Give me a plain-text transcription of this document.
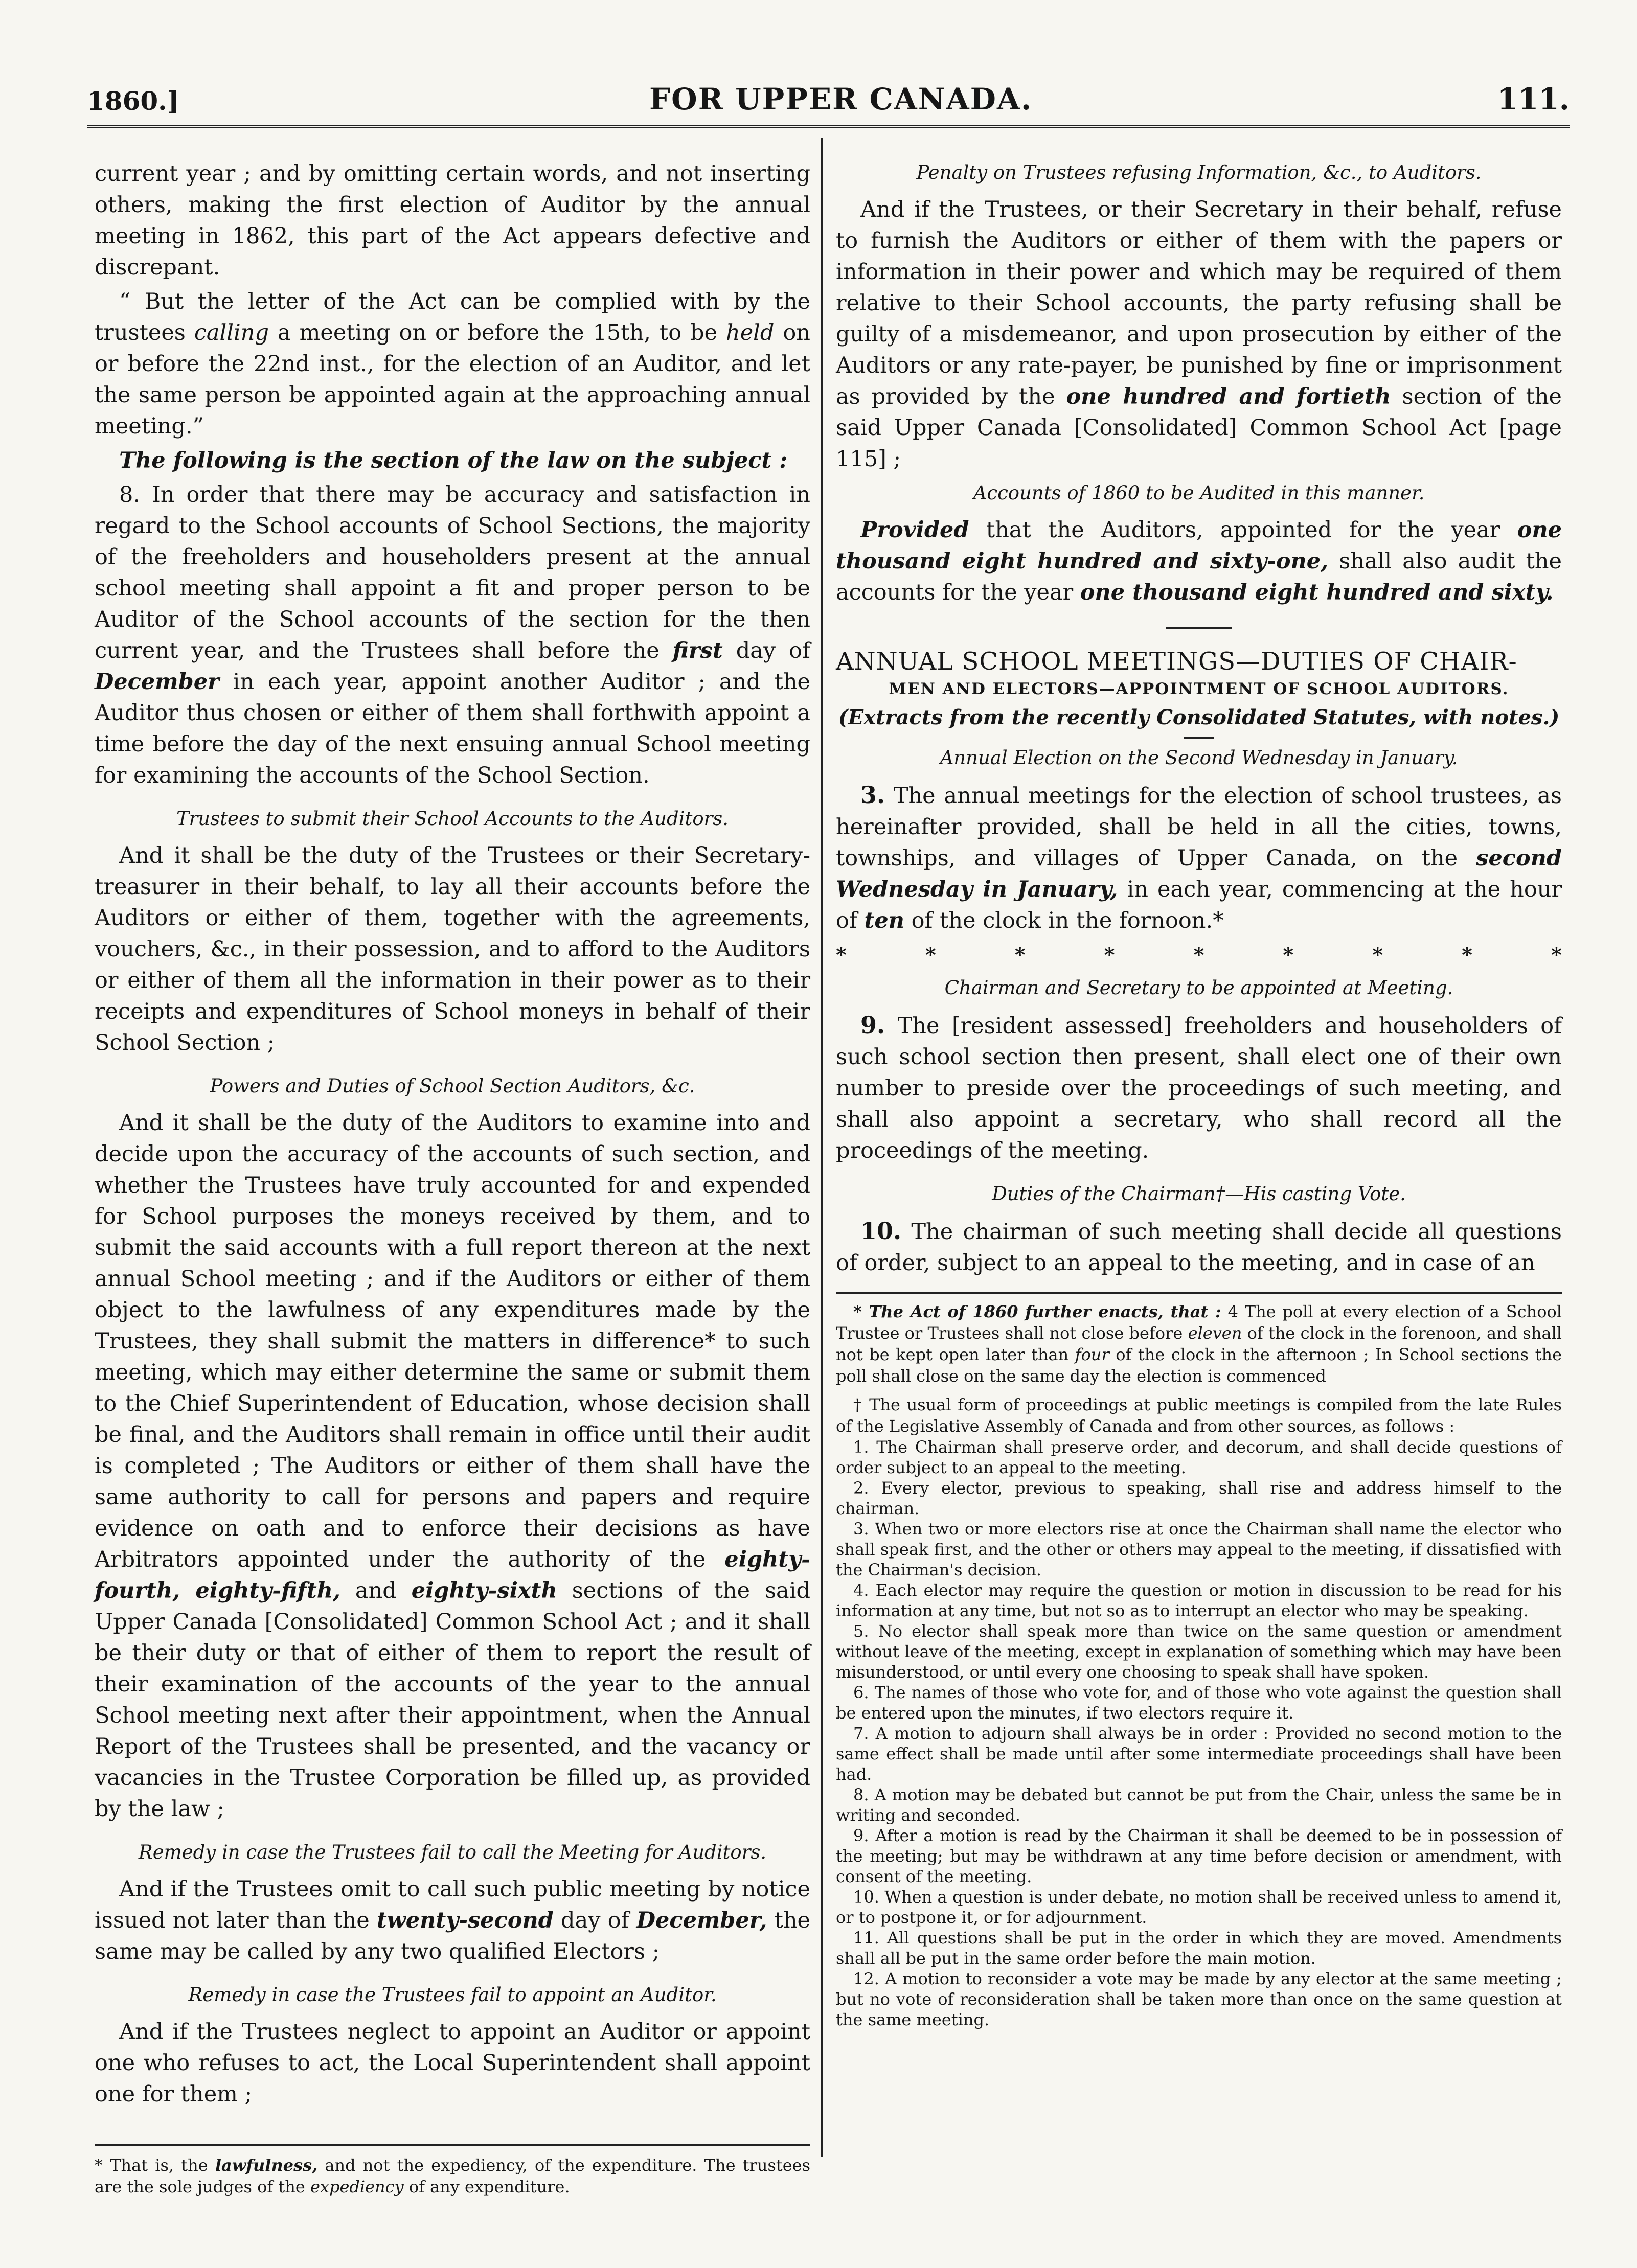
1860.]	FOR UPPER CANADA.	111.

current year ; and by omitting certain words, and not inserting others, making the first election of Auditor by the annual meeting in 1862, this part of the Act appears defective and discrepant.

“ But the letter of the Act can be complied with by the trustees calling a meeting on or before the 15th, to be held on or before the 22nd inst., for the election of an Auditor, and let the same person be appointed again at the approaching annual meeting.”

The following is the section of the law on the subject :

8. In order that there may be accuracy and satisfaction in regard to the School accounts of School Sections, the majority of the freeholders and householders present at the annual school meeting shall appoint a fit and proper person to be Auditor of the School accounts of the section for the then current year, and the Trustees shall before the first day of December in each year, appoint another Auditor ; and the Auditor thus chosen or either of them shall forthwith appoint a time before the day of the next ensuing annual School meeting for examining the accounts of the School Section.

Trustees to submit their School Accounts to the Auditors.

And it shall be the duty of the Trustees or their Secretary-treasurer in their behalf, to lay all their accounts before the Auditors or either of them, together with the agreements, vouchers, &c., in their possession, and to afford to the Auditors or either of them all the information in their power as to their receipts and expenditures of School moneys in behalf of their School Section ;

Powers and Duties of School Section Auditors, &c.

And it shall be the duty of the Auditors to examine into and decide upon the accuracy of the accounts of such section, and whether the Trustees have truly accounted for and expended for School purposes the moneys received by them, and to submit the said accounts with a full report thereon at the next annual School meeting ; and if the Auditors or either of them object to the lawfulness of any expenditures made by the Trustees, they shall submit the matters in difference* to such meeting, which may either determine the same or submit them to the Chief Superintendent of Education, whose decision shall be final, and the Auditors shall remain in office until their audit is completed ; The Auditors or either of them shall have the same authority to call for persons and papers and require evidence on oath and to enforce their decisions as have Arbitrators appointed under the authority of the eighty-fourth, eighty-fifth, and eighty-sixth sections of the said Upper Canada [Consolidated] Common School Act ; and it shall be their duty or that of either of them to report the result of their examination of the accounts of the year to the annual School meeting next after their appointment, when the Annual Report of the Trustees shall be presented, and the vacancy or vacancies in the Trustee Corporation be filled up, as provided by the law ;

Remedy in case the Trustees fail to call the Meeting for Auditors.

And if the Trustees omit to call such public meeting by notice issued not later than the twenty-second day of December, the same may be called by any two qualified Electors ;

Remedy in case the Trustees fail to appoint an Auditor.

And if the Trustees neglect to appoint an Auditor or appoint one who refuses to act, the Local Superintendent shall appoint one for them ;

* That is, the lawfulness, and not the expediency, of the expenditure. The trustees are the sole judges of the expediency of any expenditure.

Penalty on Trustees refusing Information, &c., to Auditors.

And if the Trustees, or their Secretary in their behalf, refuse to furnish the Auditors or either of them with the papers or information in their power and which may be required of them relative to their School accounts, the party refusing shall be guilty of a misdemeanor, and upon prosecution by either of the Auditors or any rate-payer, be punished by fine or imprisonment as provided by the one hundred and fortieth section of the said Upper Canada [Consolidated] Common School Act [page 115] ;

Accounts of 1860 to be Audited in this manner.

Provided that the Auditors, appointed for the year one thousand eight hundred and sixty-one, shall also audit the accounts for the year one thousand eight hundred and sixty.

ANNUAL SCHOOL MEETINGS—DUTIES OF CHAIR-

MEN AND ELECTORS—APPOINTMENT OF SCHOOL AUDITORS.

(Extracts from the recently Consolidated Statutes, with notes.)

Annual Election on the Second Wednesday in January.

3. The annual meetings for the election of school trustees, as hereinafter provided, shall be held in all the cities, towns, townships, and villages of Upper Canada, on the second Wednesday in January, in each year, commencing at the hour of ten of the clock in the fornoon.*

*	*	*	*	*	*	*	*	*

Chairman and Secretary to be appointed at Meeting.

9. The [resident assessed] freeholders and householders of such school section then present, shall elect one of their own number to preside over the proceedings of such meeting, and shall also appoint a secretary, who shall record all the proceedings of the meeting.

Duties of the Chairman†—His casting Vote.

10. The chairman of such meeting shall decide all questions of order, subject to an appeal to the meeting, and in case of an

* The Act of 1860 further enacts, that : 4 The poll at every election of a School Trustee or Trustees shall not close before eleven of the clock in the forenoon, and shall not be kept open later than four of the clock in the afternoon ; In School sections the poll shall close on the same day the election is commenced

† The usual form of proceedings at public meetings is compiled from the late Rules of the Legislative Assembly of Canada and from other sources, as follows :

1. The Chairman shall preserve order, and decorum, and shall decide questions of order subject to an appeal to the meeting.

2. Every elector, previous to speaking, shall rise and address himself to the chairman.

3. When two or more electors rise at once the Chairman shall name the elector who shall speak first, and the other or others may appeal to the meeting, if dissatisfied with the Chairman's decision.

4. Each elector may require the question or motion in discussion to be read for his information at any time, but not so as to interrupt an elector who may be speaking.

5. No elector shall speak more than twice on the same question or amendment without leave of the meeting, except in explanation of something which may have been misunderstood, or until every one choosing to speak shall have spoken.

6. The names of those who vote for, and of those who vote against the question shall be entered upon the minutes, if two electors require it.

7. A motion to adjourn shall always be in order : Provided no second motion to the same effect shall be made until after some intermediate proceedings shall have been had.

8. A motion may be debated but cannot be put from the Chair, unless the same be in writing and seconded.

9. After a motion is read by the Chairman it shall be deemed to be in possession of the meeting; but may be withdrawn at any time before decision or amendment, with consent of the meeting.

10. When a question is under debate, no motion shall be received unless to amend it, or to postpone it, or for adjournment.

11. All questions shall be put in the order in which they are moved. Amendments shall all be put in the same order before the main motion.

12. A motion to reconsider a vote may be made by any elector at the same meeting ; but no vote of reconsideration shall be taken more than once on the same question at the same meeting.
